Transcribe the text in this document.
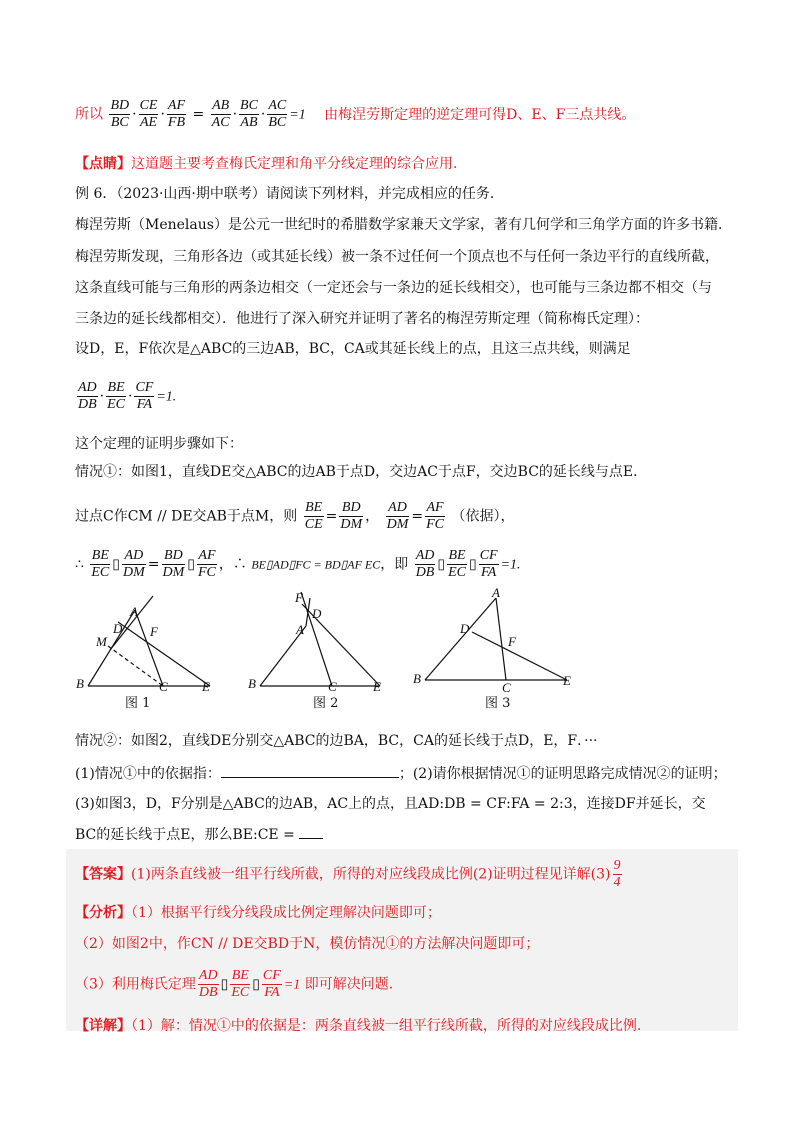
所以 $\frac{BD}{BC} \cdot \frac{CE}{AE} \cdot \frac{AF}{FB} = \frac{AB}{AC} \cdot \frac{BC}{AB} \cdot \frac{AC}{BC} =1$ 由梅涅劳斯定理的逆定理可得D、E、F三点共线。
【点睛】这道题主要考查梅氏定理和角平分线定理的综合应用.
例 6．（2023·山西·期中联考）请阅读下列材料，并完成相应的任务．
梅涅劳斯（Menelaus）是公元一世纪时的希腊数学家兼天文学家，著有几何学和三角学方面的许多书籍．
梅涅劳斯发现，三角形各边（或其延长线）被一条不过任何一个顶点也不与任何一条边平行的直线所截，
这条直线可能与三角形的两条边相交（一定还会与一条边的延长线相交），也可能与三条边都不相交（与
三条边的延长线都相交）．他进行了深入研究并证明了著名的梅涅劳斯定理（简称梅氏定理）：
设D，E，F依次是△ABC的三边AB，BC，CA或其延长线上的点，且这三点共线，则满足
$\frac{AD}{DB} \cdot \frac{BE}{EC} \cdot \frac{CF}{FA} =1$.
这个定理的证明步骤如下：
情况①：如图1，直线DE交△ABC的边AB于点D，交边AC于点F，交边BC的延长线与点E．
过点C作CM // DE交AB于点M，则 $\frac{BE}{CE} = \frac{BD}{DM}$ ， $\frac{AD}{DM} = \frac{AF}{FC}$ （依据），
∴ $\frac{BE}{EC}$ ▯ $\frac{AD}{DM} = \frac{BD}{DM}$ ▯ $\frac{AF}{FC}$ ，∴ BE▯AD▯FC = BD▯AF EC，即 $\frac{AD}{DB}$ ▯ $\frac{BE}{EC}$ ▯ $\frac{CF}{FA} =1$.
B
A
D F
M
C	E
图 1
B
A
F
D
C	E
图 2
B
A
D
F
C	E
图 3
情况②：如图2，直线DE分别交△ABC的边BA，BC，CA的延长线于点D，E，F．···
(1)情况①中的依据指：	；(2)请你根据情况①的证明思路完成情况②的证明；
(3)如图3，D，F分别是△ABC的边AB，AC上的点，且AD:DB = CF:FA = 2:3，连接DF并延长，交
BC的延长线于点E，那么BE:CE =
【答案】(1)两条直线被一组平行线所截，所得的对应线段成比例(2)证明过程见详解$(3) \frac{9}{4}$
【分析】（1）根据平行线分线段成比例定理解决问题即可；
（2）如图2中，作CN // DE交BD于N，模仿情况①的方法解决问题即可；
（3）利用梅氏定理 $\frac{AD}{DB}$ ▯ $\frac{BE}{EC}$ ▯ $\frac{CF}{FA} =1$ 即可解决问题.
【详解】（1）解：情况①中的依据是：两条直线被一组平行线所截，所得的对应线段成比例.
